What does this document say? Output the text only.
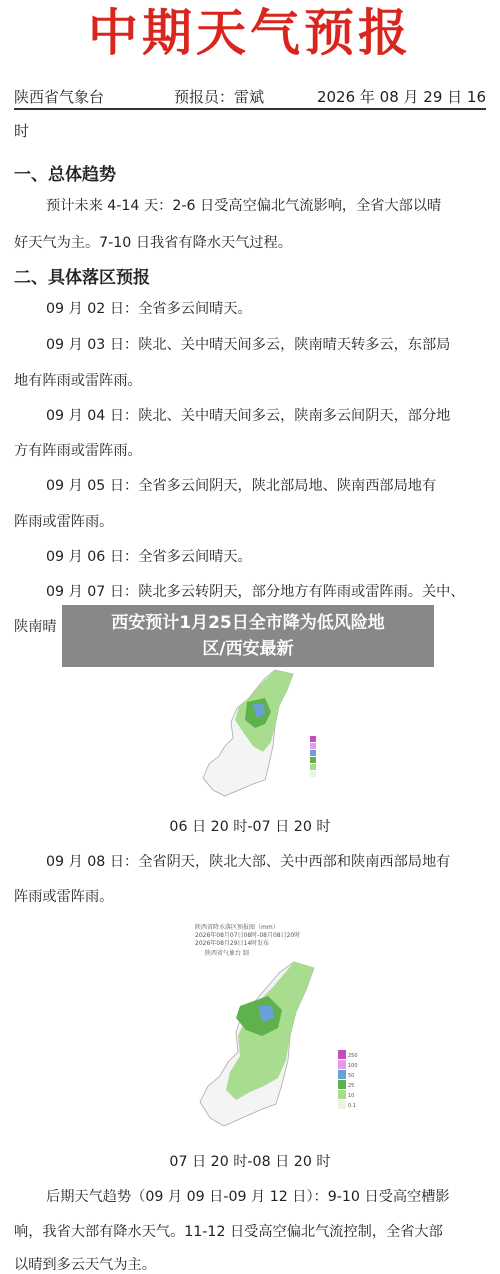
中期天气预报
陕西省气象台	预报员：雷斌	2026 年 08 月 29 日 16
时
一、总体趋势
预计未来 4-14 天：2-6 日受高空偏北气流影响，全省大部以晴
好天气为主。7-10 日我省有降水天气过程。
二、具体落区预报
09 月 02 日：全省多云间晴天。
09 月 03 日：陕北、关中晴天间多云，陕南晴天转多云，东部局
地有阵雨或雷阵雨。
09 月 04 日：陕北、关中晴天间多云，陕南多云间阴天，部分地
方有阵雨或雷阵雨。
09 月 05 日：全省多云间阴天，陕北部局地、陕南西部局地有
阵雨或雷阵雨。
09 月 06 日：全省多云间晴天。
09 月 07 日：陕北多云转阴天，部分地方有阵雨或雷阵雨。关中、
陕南晴
06 日 20 时-07 日 20 时
09 月 08 日：全省阴天，陕北大部、关中西部和陕南西部局地有
阵雨或雷阵雨。
陕西省降水落区预报图（mm）
2026年08月07日08时-08月08日20时
2026年08月29日14时发布
陕西省气象台 制
250
100
50
25
10
0.1
07 日 20 时-08 日 20 时
后期天气趋势（09 月 09 日-09 月 12 日）：9-10 日受高空槽影
响，我省大部有降水天气。11-12 日受高空偏北气流控制，全省大部
以晴到多云天气为主。
西安预计1月25日全市降为低风险地
区/西安最新
